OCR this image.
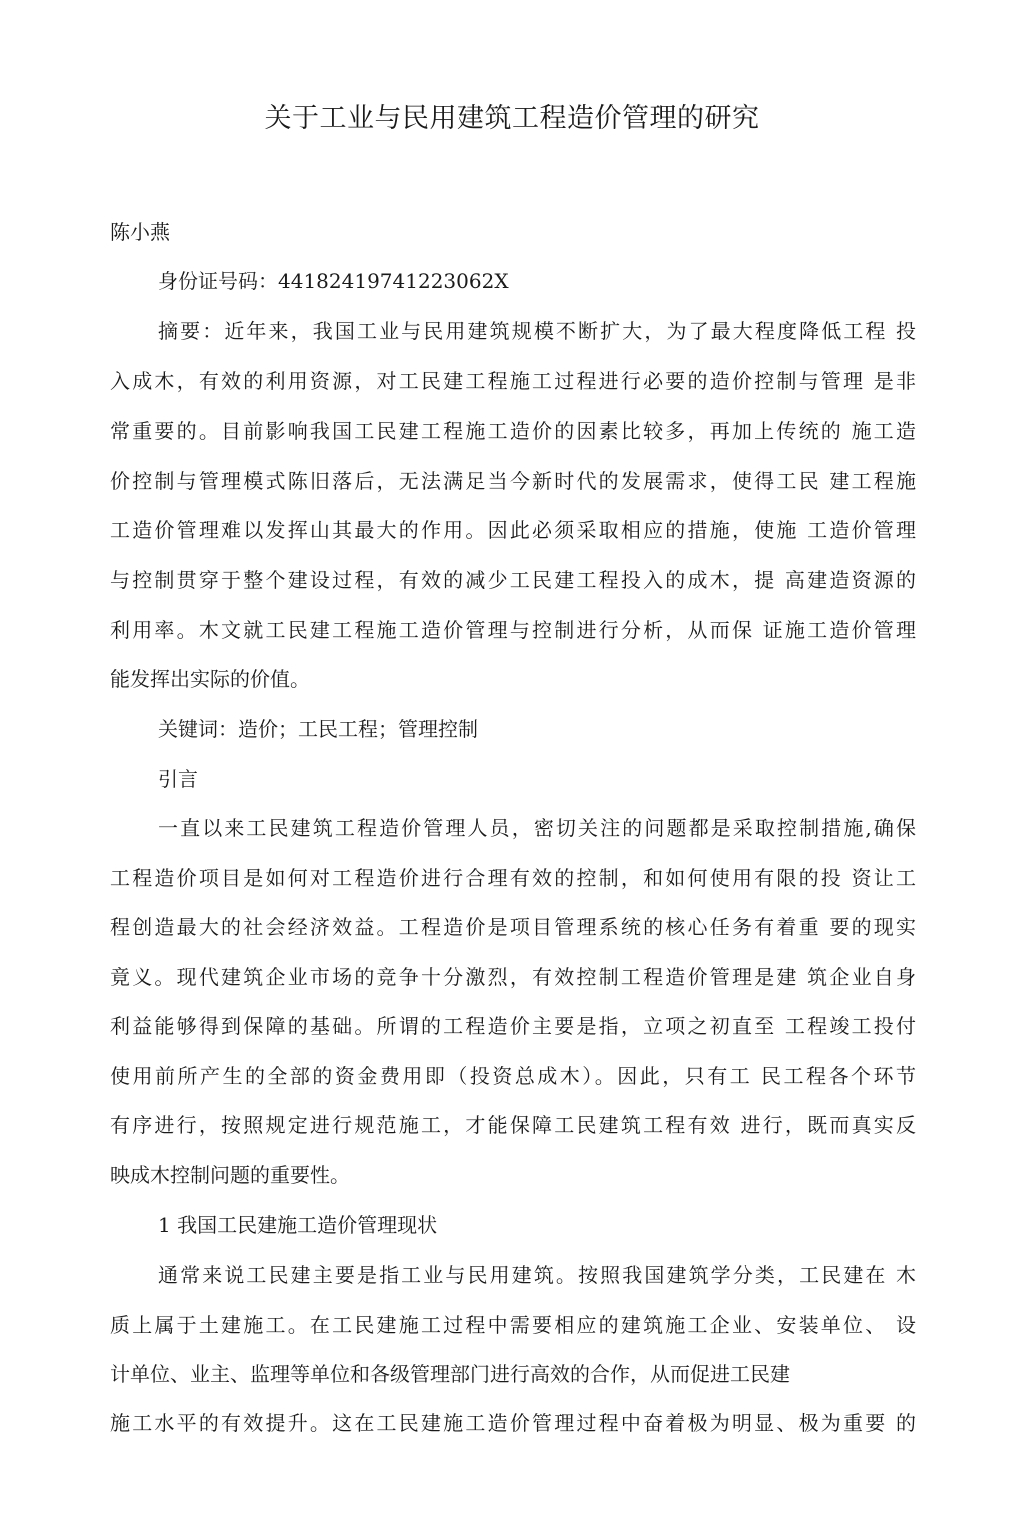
关于工业与民用建筑工程造价管理的研究
陈小燕
身份证号码：44182419741223062X
摘要：近年来，我国工业与民用建筑规模不断扩大，为了最大程度降低工程 投
入成木，有效的利用资源，对工民建工程施工过程进行必要的造价控制与管理 是非
常重要的。目前影响我国工民建工程施工造价的因素比较多，再加上传统的 施工造
价控制与管理模式陈旧落后，无法满足当今新时代的发展需求，使得工民 建工程施
工造价管理难以发挥山其最大的作用。因此必须采取相应的措施，使施 工造价管理
与控制贯穿于整个建设过程，有效的减少工民建工程投入的成木，提 高建造资源的
利用率。木文就工民建工程施工造价管理与控制进行分析，从而保 证施工造价管理
能发挥岀实际的价值。
关键词：造价；工民工程；管理控制
引言
一直以来工民建筑工程造价管理人员，密切关注的问题都是采取控制措施,确保
工程造价项目是如何对工程造价进行合理有效的控制，和如何使用有限的投 资让工
程创造最大的社会经济效益。工程造价是项目管理系统的核心任务有着重 要的现实
竟义。现代建筑企业市场的竞争十分激烈，有效控制工程造价管理是建 筑企业自身
利益能够得到保障的基础。所谓的工程造价主要是指，立项之初直至 工程竣工投付
使用前所产生的全部的资金费用即（投资总成木）。因此，只有工 民工程各个环节
有序进行，按照规定进行规范施工，才能保障工民建筑工程有效 进行，既而真实反
映成木控制问题的重要性。
1 我国工民建施工造价管理现状
通常来说工民建主要是指工业与民用建筑。按照我国建筑学分类，工民建在 木
质上属于土建施工。在工民建施工过程中需要相应的建筑施工企业、安装单位、 设
计单位、业主、监理等单位和各级管理部门进行高效的合作，从而促进工民建
施工水平的有效提升。这在工民建施工造价管理过程中奋着极为明显、极为重要 的
